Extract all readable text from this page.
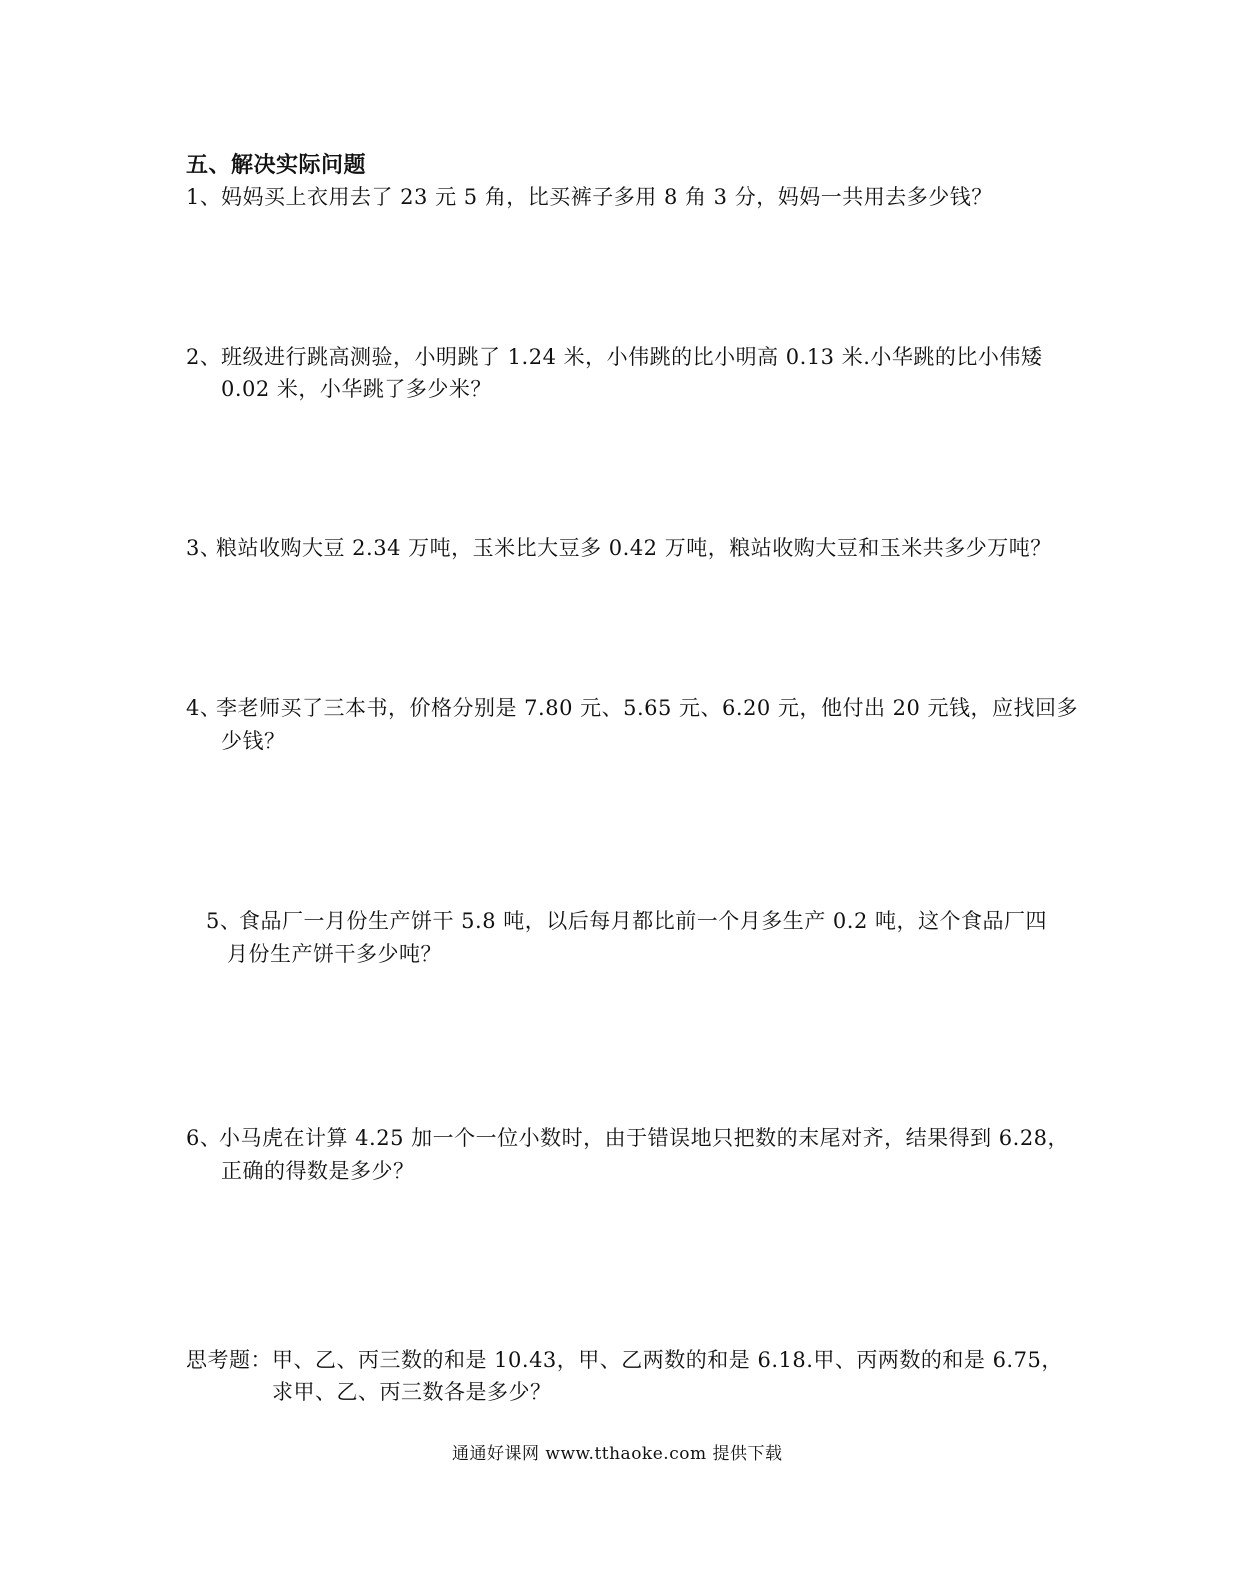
五、解决实际问题
1、 妈妈买上衣用去了 23 元 5 角，比买裤子多用 8 角 3 分，妈妈一共用去多少钱？
2、 班级进行跳高测验，小明跳了 1.24 米，小伟跳的比小明高 0.13 米.小华跳的比小伟矮
0.02 米，小华跳了多少米？
3、
粮站收购大豆 2.34 万吨，玉米比大豆多 0.42 万吨，粮站收购大豆和玉米共多少万吨？
4、
李老师买了三本书，价格分别是 7.80 元、5.65 元、6.20 元，他付出 20 元钱，应找回多
少钱？
5、
食品厂一月份生产饼干 5.8 吨，以后每月都比前一个月多生产 0.2 吨，这个食品厂四
月份生产饼干多少吨？
6、
小马虎在计算 4.25 加一个一位小数时，由于错误地只把数的末尾对齐，结果得到 6.28，
正确的得数是多少？
思考题： 甲、乙、丙三数的和是 10.43，甲、乙两数的和是 6.18.甲、丙两数的和是 6.75，
求甲、乙、丙三数各是多少？
通通好课网 www.tthaoke.com 提供下载
